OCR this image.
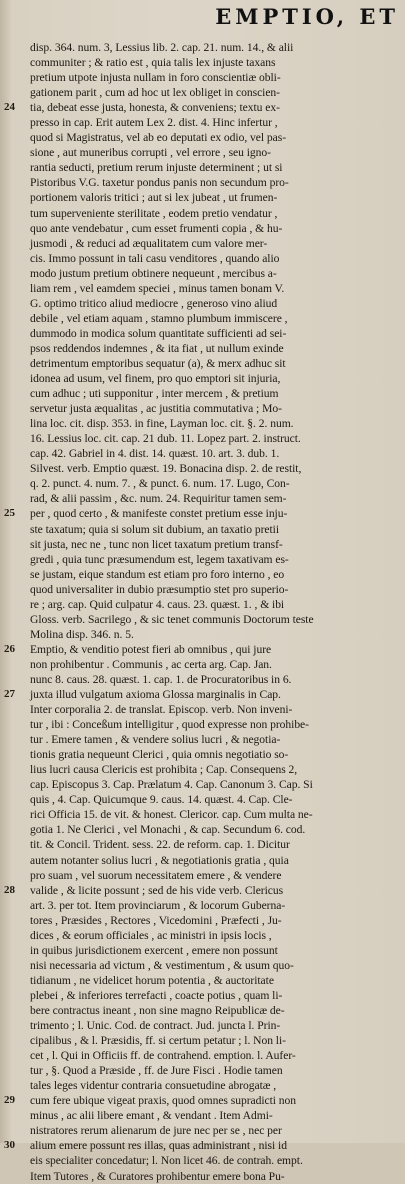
EMPTIO, ET
disp. 364. num. 3, Lessius lib. 2. cap. 21. num. 14., & alii
communiter ; & ratio est , quia talis lex injuste taxans
pretium utpote injusta nullam in foro conscientiæ obli-
gationem parit , cum ad hoc ut lex obliget in conscien-
24 tia, debeat esse justa, honesta, & conveniens; textu ex-
presso in cap. Erit autem Lex 2. dist. 4. Hinc infertur ,
quod si Magistratus, vel ab eo deputati ex odio, vel pas-
sione , aut muneribus corrupti , vel errore , seu igno-
rantia seducti, pretium rerum injuste determinent ; ut si
Pistoribus V.G. taxetur pondus panis non secundum pro-
portionem valoris tritici ; aut si lex jubeat , ut frumen-
tum superveniente sterilitate , eodem pretio vendatur ,
quo ante vendebatur , cum esset frumenti copia , & hu-
jusmodi , & reduci ad æqualitatem cum valore mer-
cis. Immo possunt in tali casu venditores , quando alio
modo justum pretium obtinere nequeunt , mercibus a-
liam rem , vel eamdem speciei , minus tamen bonam V.
G. optimo tritico aliud mediocre , generoso vino aliud
debile , vel etiam aquam , stamno plumbum immiscere ,
dummodo in modica solum quantitate sufficienti ad sei-
psos reddendos indemnes , & ita fiat , ut nullum exinde
detrimentum emptoribus sequatur (a), & merx adhuc sit
idonea ad usum, vel finem, pro quo emptori sit injuria,
cum adhuc ; uti supponitur , inter mercem , & pretium
servetur justa æqualitas , ac justitia commutativa ; Mo-
lina loc. cit. disp. 353. in fine, Layman loc. cit. §. 2. num.
16. Lessius loc. cit. cap. 21 dub. 11. Lopez part. 2. instruct.
cap. 42. Gabriel in 4. dist. 14. quæst. 10. art. 3. dub. 1.
Silvest. verb. Emptio quæst. 19. Bonacina disp. 2. de restit,
q. 2. punct. 4. num. 7. , & punct. 6. num. 17. Lugo, Con-
rad, & alii passim , &c. num. 24. Requiritur tamen sem-
25 per , quod certo , & manifeste constet pretium esse inju-
ste taxatum; quia si solum sit dubium, an taxatio pretii
sit justa, nec ne , tunc non licet taxatum pretium transf-
gredi , quia tunc præsumendum est, legem taxativam es-
se justam, eique standum est etiam pro foro interno , eo
quod universaliter in dubio præsumptio stet pro superio-
re ; arg. cap. Quid culpatur 4. caus. 23. quæst. 1. , & ibi
Gloss. verb. Sacrilego , & sic tenet communis Doctorum teste
Molina disp. 346. n. 5.
26 Emptio, & venditio potest fieri ab omnibus , qui jure
non prohibentur . Communis , ac certa arg. Cap. Jan.
nunc 8. caus. 28. quæst. 1. cap. 1. de Procuratoribus in 6.
27 juxta illud vulgatum axioma Glossa marginalis in Cap.
Inter corporalia 2. de translat. Episcop. verb. Non inveni-
tur , ibi : Conceßum intelligitur , quod expresse non prohibe-
tur . Emere tamen , & vendere solius lucri , & negotia-
tionis gratia nequeunt Clerici , quia omnis negotiatio so-
lius lucri causa Clericis est prohibita ; Cap. Consequens 2,
cap. Episcopus 3. Cap. Prælatum 4. Cap. Canonum 3. Cap. Si
quis , 4. Cap. Quicumque 9. caus. 14. quæst. 4. Cap. Cle-
rici Officia 15. de vit. & honest. Clericor. cap. Cum multa ne-
gotia 1. Ne Clerici , vel Monachi , & cap. Secundum 6. cod.
tit. & Concil. Trident. sess. 22. de reform. cap. 1. Dicitur
autem notanter solius lucri , & negotiationis gratia , quia
pro suam , vel suorum necessitatem emere , & vendere
28 valide , & licite possunt ; sed de his vide verb. Clericus
art. 3. per tot. Item provinciarum , & locorum Guberna-
tores , Præsides , Rectores , Vicedomini , Præfecti , Ju-
dices , & eorum officiales , ac ministri in ipsis locis ,
in quibus jurisdictionem exercent , emere non possunt
nisi necessaria ad victum , & vestimentum , & usum quo-
tidianum , ne videlicet horum potentia , & auctoritate
plebei , & inferiores terrefacti , coacte potius , quam li-
bere contractus ineant , non sine magno Reipublicæ de-
trimento ; l. Unic. Cod. de contract. Jud. juncta l. Prin-
cipalibus , & l. Præsidis, ff. si certum petatur ; l. Non li-
cet , l. Qui in Officiis ff. de contrahend. emption. l. Aufer-
tur , §. Quod a Præside , ff. de Jure Fisci . Hodie tamen
tales leges videntur contraria consuetudine abrogatæ ,
29 cum fere ubique vigeat praxis, quod omnes supradicti non
minus , ac alii libere emant , & vendant . Item Admi-
nistratores rerum alienarum de jure nec per se , nec per
30 alium emere possunt res illas, quas administrant , nisi id
eis specialiter concedatur; l. Non licet 46. de contrah. empt.
Item Tutores , & Curatores prohibentur emere bona Pu-
